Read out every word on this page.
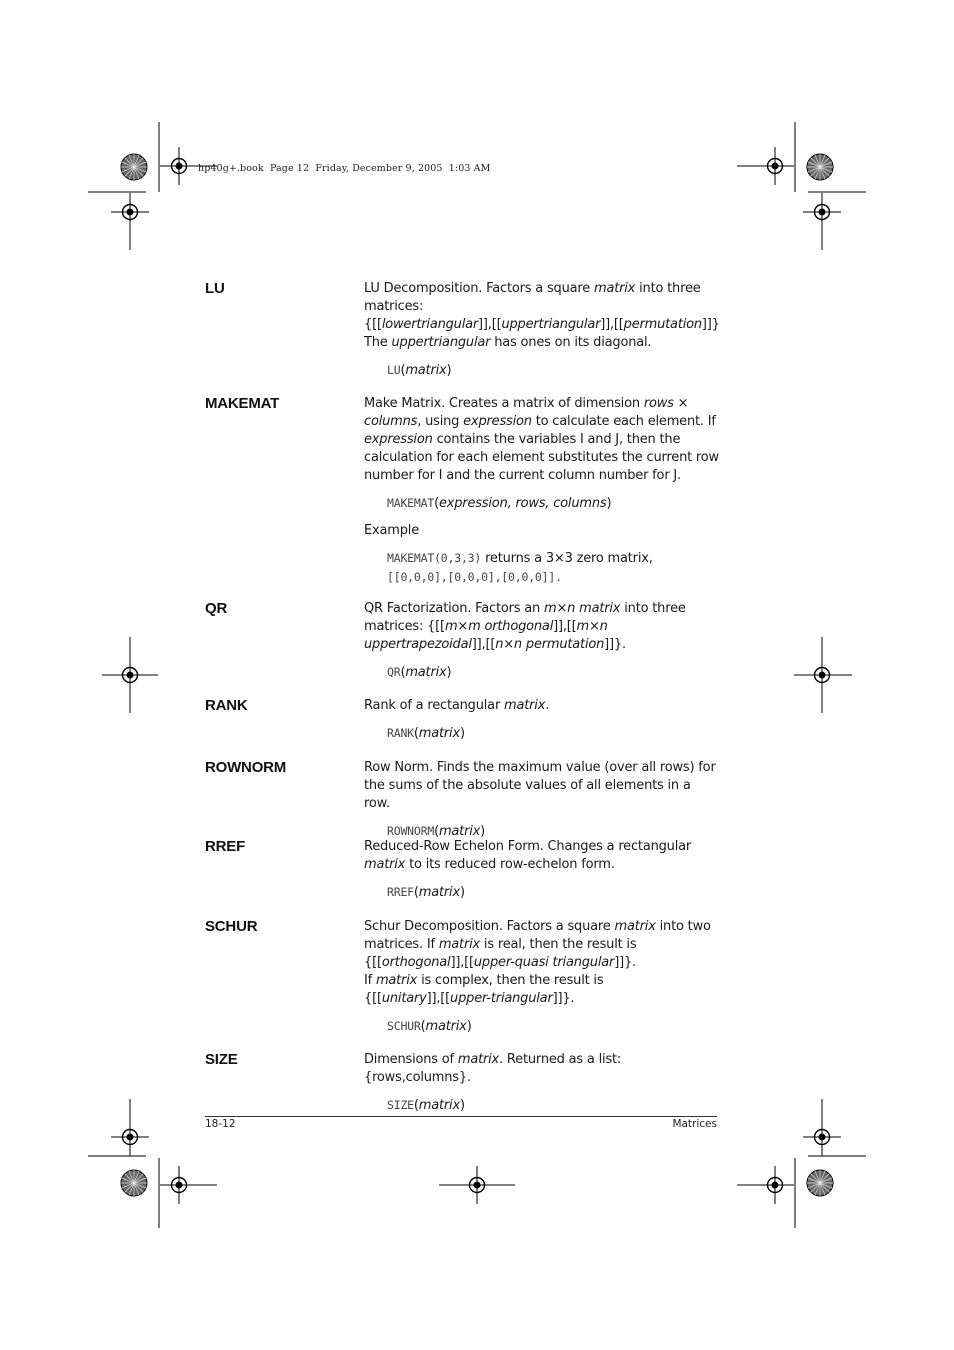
hp40g+.book  Page 12  Friday, December 9, 2005  1:03 AM
LU	LU Decomposition. Factors a square matrix into three matrices:
{[[lowertriangular]],[[uppertriangular]],[[permutation]]}
The uppertriangular has ones on its diagonal.

LU(matrix)

MAKEMAT	Make Matrix. Creates a matrix of dimension rows × columns, using expression to calculate each element. If expression contains the variables I and J, then the calculation for each element substitutes the current row number for I and the current column number for J.

MAKEMAT(expression, rows, columns)

Example

MAKEMAT(0,3,3) returns a 3×3 zero matrix,
[[0,0,0],[0,0,0],[0,0,0]].

QR	QR Factorization. Factors an m×n matrix into three matrices: {[[m×m orthogonal]],[[m×n uppertrapezoidal]],[[n×n permutation]]}.

QR(matrix)

RANK	Rank of a rectangular matrix.

RANK(matrix)

ROWNORM	Row Norm. Finds the maximum value (over all rows) for the sums of the absolute values of all elements in a row.

ROWNORM(matrix)

RREF	Reduced-Row Echelon Form. Changes a rectangular matrix to its reduced row-echelon form.

RREF(matrix)

SCHUR	Schur Decomposition. Factors a square matrix into two matrices. If matrix is real, then the result is
{[[orthogonal]],[[upper-quasi triangular]]}.
If matrix is complex, then the result is
{[[unitary]],[[upper-triangular]]}.

SCHUR(matrix)

SIZE	Dimensions of matrix. Returned as a list: {rows,columns}.

SIZE(matrix)

18-12	Matrices
